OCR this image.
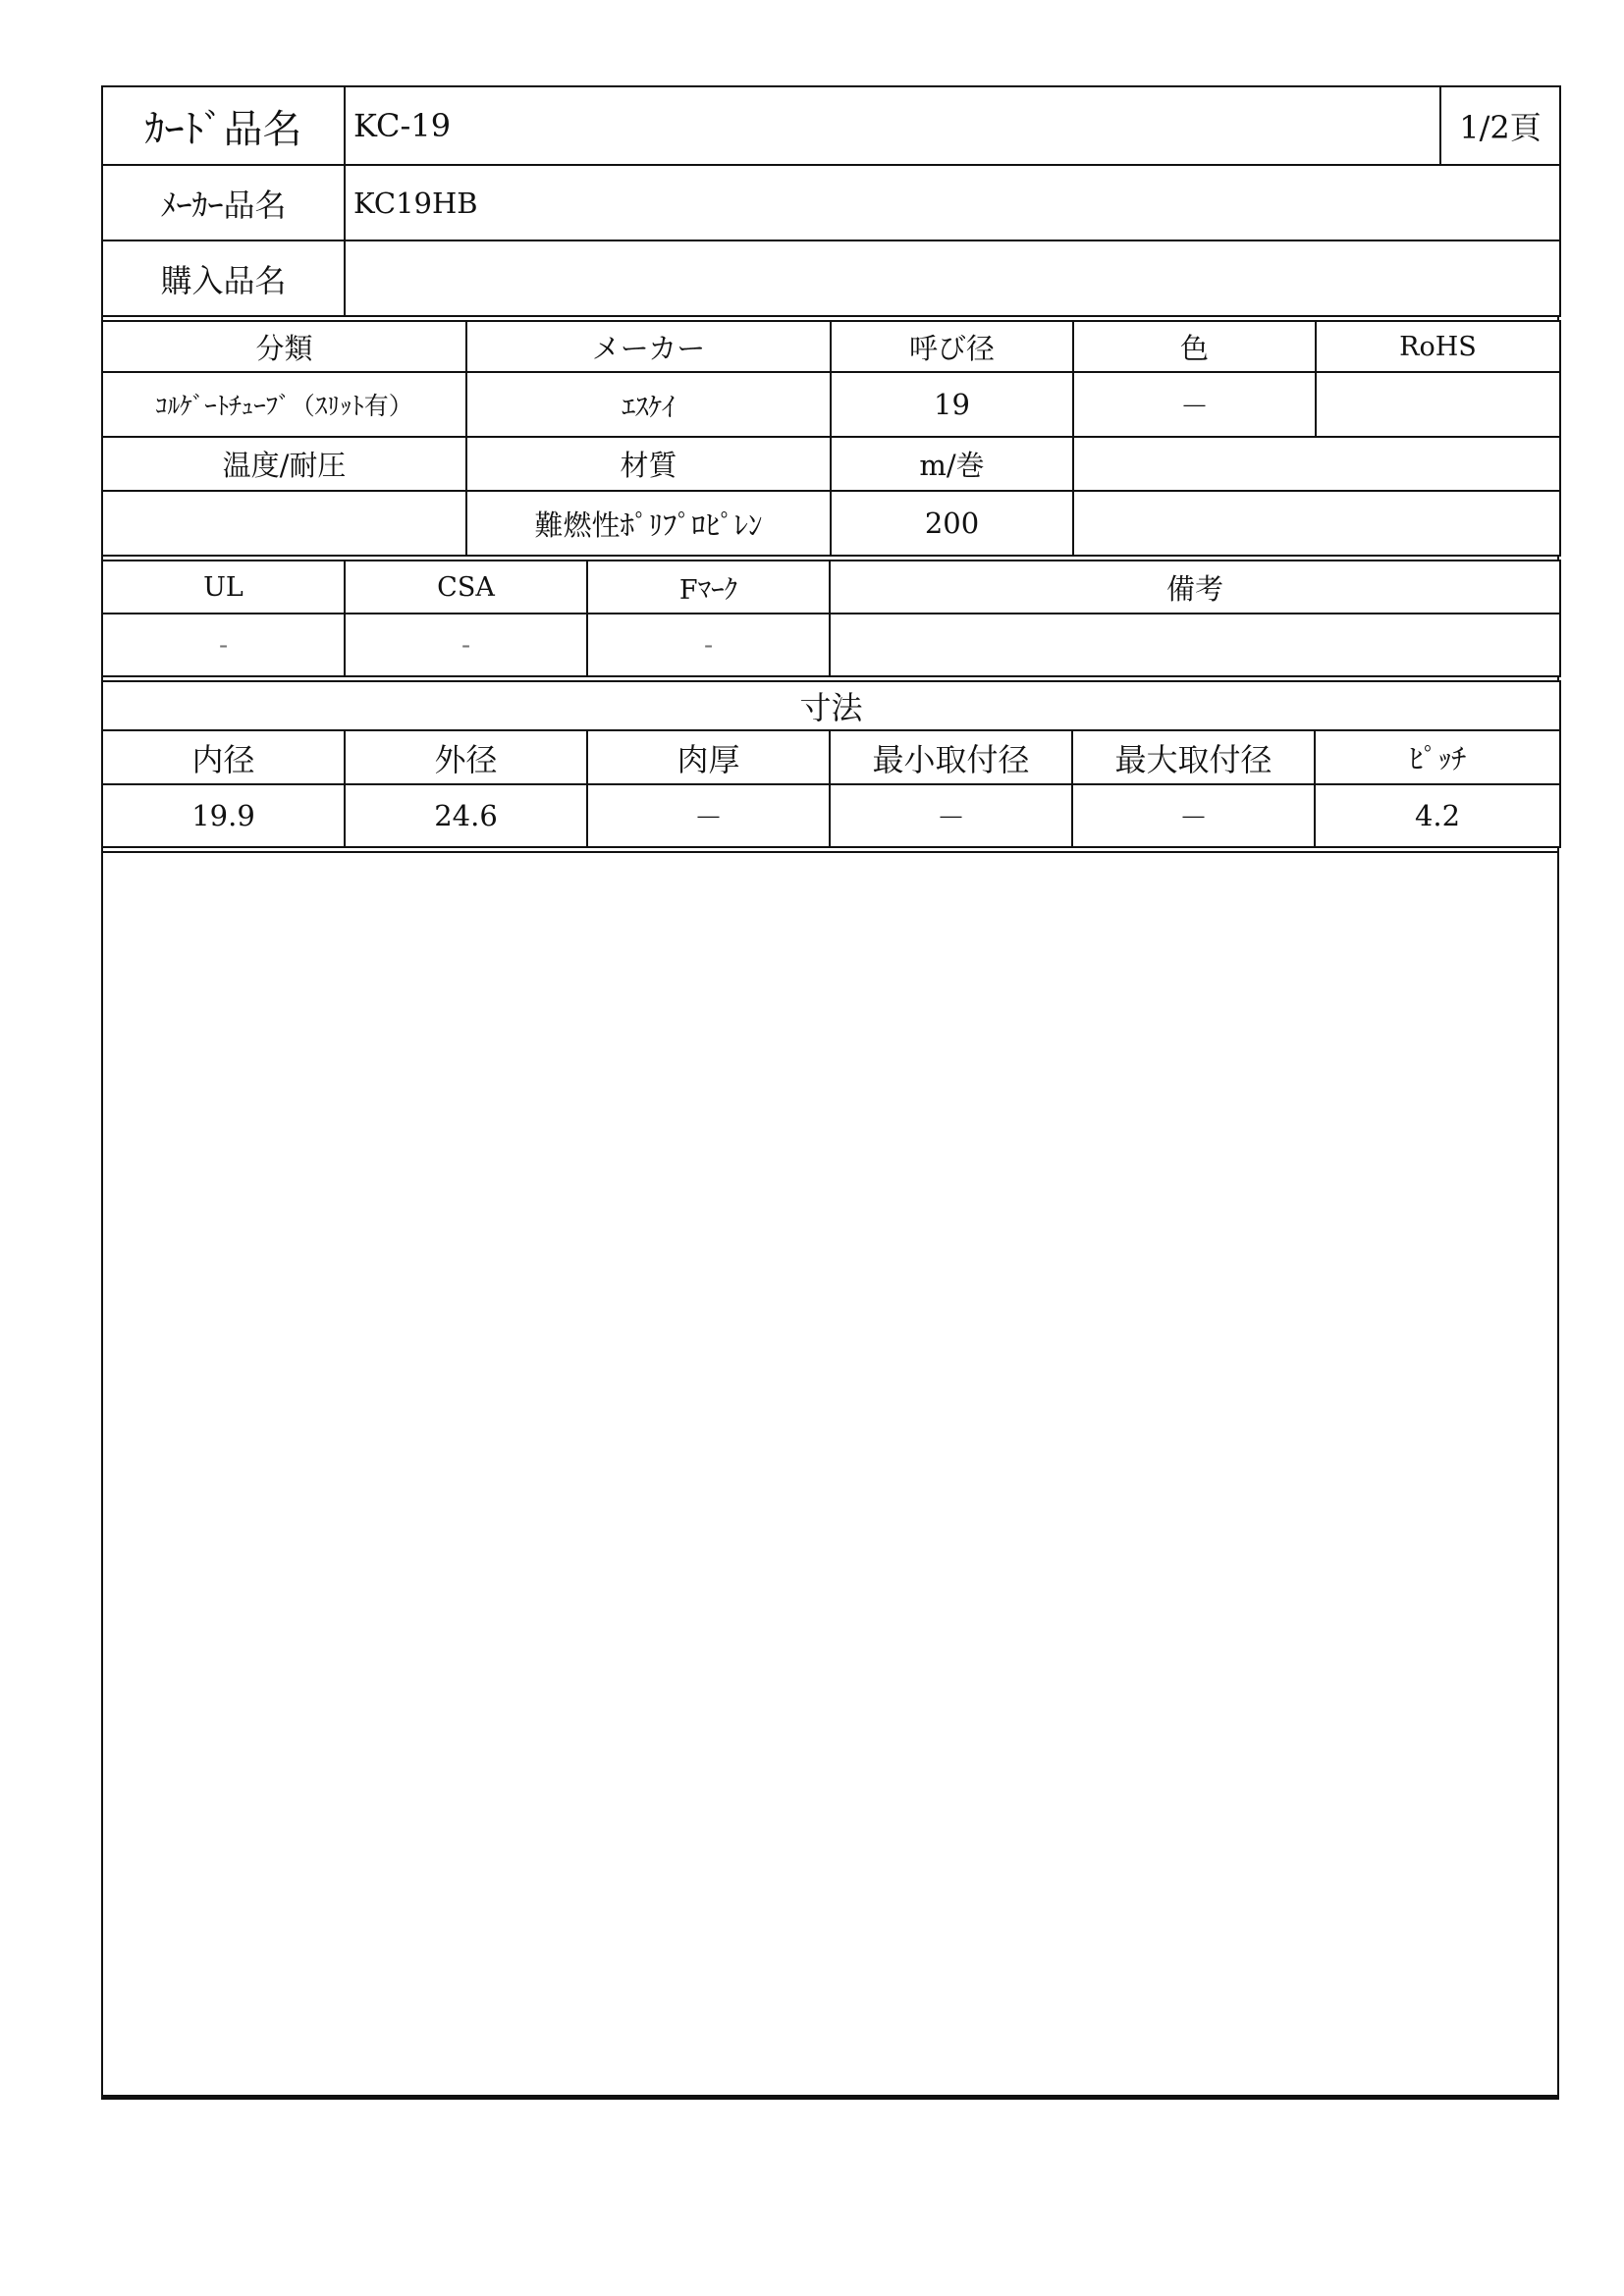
ｶｰﾄﾞ品名	KC-19	1/2頁
ﾒｰｶｰ品名	KC19HB	
購入品名		
分類	メーカー	呼び径	色	RoHS
ｺﾙｹﾞｰﾄﾁｭｰﾌﾞ（ｽﾘｯﾄ有）	ｴｽｹｲ	19	－	
温度/耐圧	材質	m/巻		
	難燃性ﾎﾟﾘﾌﾟﾛﾋﾟﾚﾝ	200		
UL	CSA	Fﾏｰｸ	備考
-	-	-	
寸法					
内径	外径	肉厚	最小取付径	最大取付径	ﾋﾟｯﾁ
19.9	24.6	－	－	－	4.2
